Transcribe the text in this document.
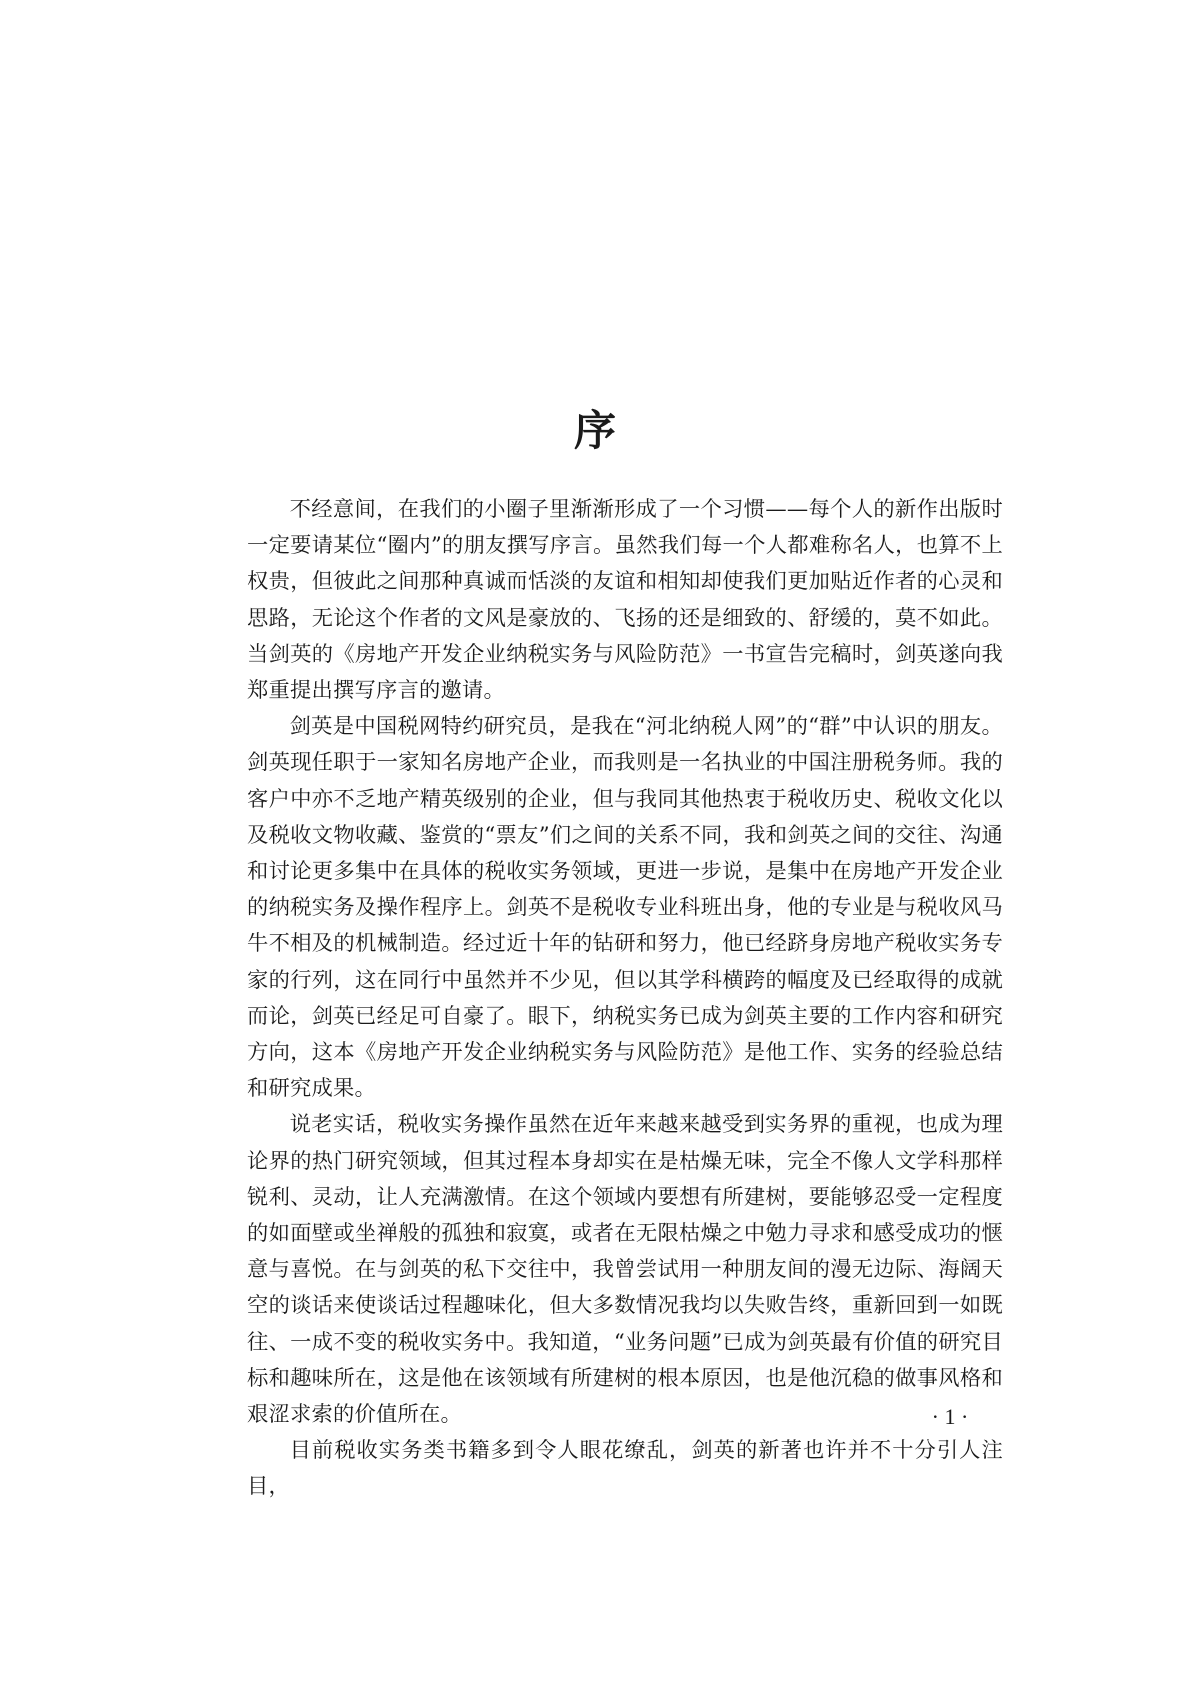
序

不经意间，在我们的小圈子里渐渐形成了一个习惯——每个人的新作出版时一定要请某位“圈内”的朋友撰写序言。虽然我们每一个人都难称名人，也算不上权贵，但彼此之间那种真诚而恬淡的友谊和相知却使我们更加贴近作者的心灵和思路，无论这个作者的文风是豪放的、飞扬的还是细致的、舒缓的，莫不如此。当剑英的《房地产开发企业纳税实务与风险防范》一书宣告完稿时，剑英遂向我郑重提出撰写序言的邀请。

剑英是中国税网特约研究员，是我在“河北纳税人网”的“群”中认识的朋友。剑英现任职于一家知名房地产企业，而我则是一名执业的中国注册税务师。我的客户中亦不乏地产精英级别的企业，但与我同其他热衷于税收历史、税收文化以及税收文物收藏、鉴赏的“票友”们之间的关系不同，我和剑英之间的交往、沟通和讨论更多集中在具体的税收实务领域，更进一步说，是集中在房地产开发企业的纳税实务及操作程序上。剑英不是税收专业科班出身，他的专业是与税收风马牛不相及的机械制造。经过近十年的钻研和努力，他已经跻身房地产税收实务专家的行列，这在同行中虽然并不少见，但以其学科横跨的幅度及已经取得的成就而论，剑英已经足可自豪了。眼下，纳税实务已成为剑英主要的工作内容和研究方向，这本《房地产开发企业纳税实务与风险防范》是他工作、实务的经验总结和研究成果。

说老实话，税收实务操作虽然在近年来越来越受到实务界的重视，也成为理论界的热门研究领域，但其过程本身却实在是枯燥无味，完全不像人文学科那样锐利、灵动，让人充满激情。在这个领域内要想有所建树，要能够忍受一定程度的如面壁或坐禅般的孤独和寂寞，或者在无限枯燥之中勉力寻求和感受成功的惬意与喜悦。在与剑英的私下交往中，我曾尝试用一种朋友间的漫无边际、海阔天空的谈话来使谈话过程趣味化，但大多数情况我均以失败告终，重新回到一如既往、一成不变的税收实务中。我知道，“业务问题”已成为剑英最有价值的研究目标和趣味所在，这是他在该领域有所建树的根本原因，也是他沉稳的做事风格和艰涩求索的价值所在。

目前税收实务类书籍多到令人眼花缭乱，剑英的新著也许并不十分引人注目，

· 1 ·
